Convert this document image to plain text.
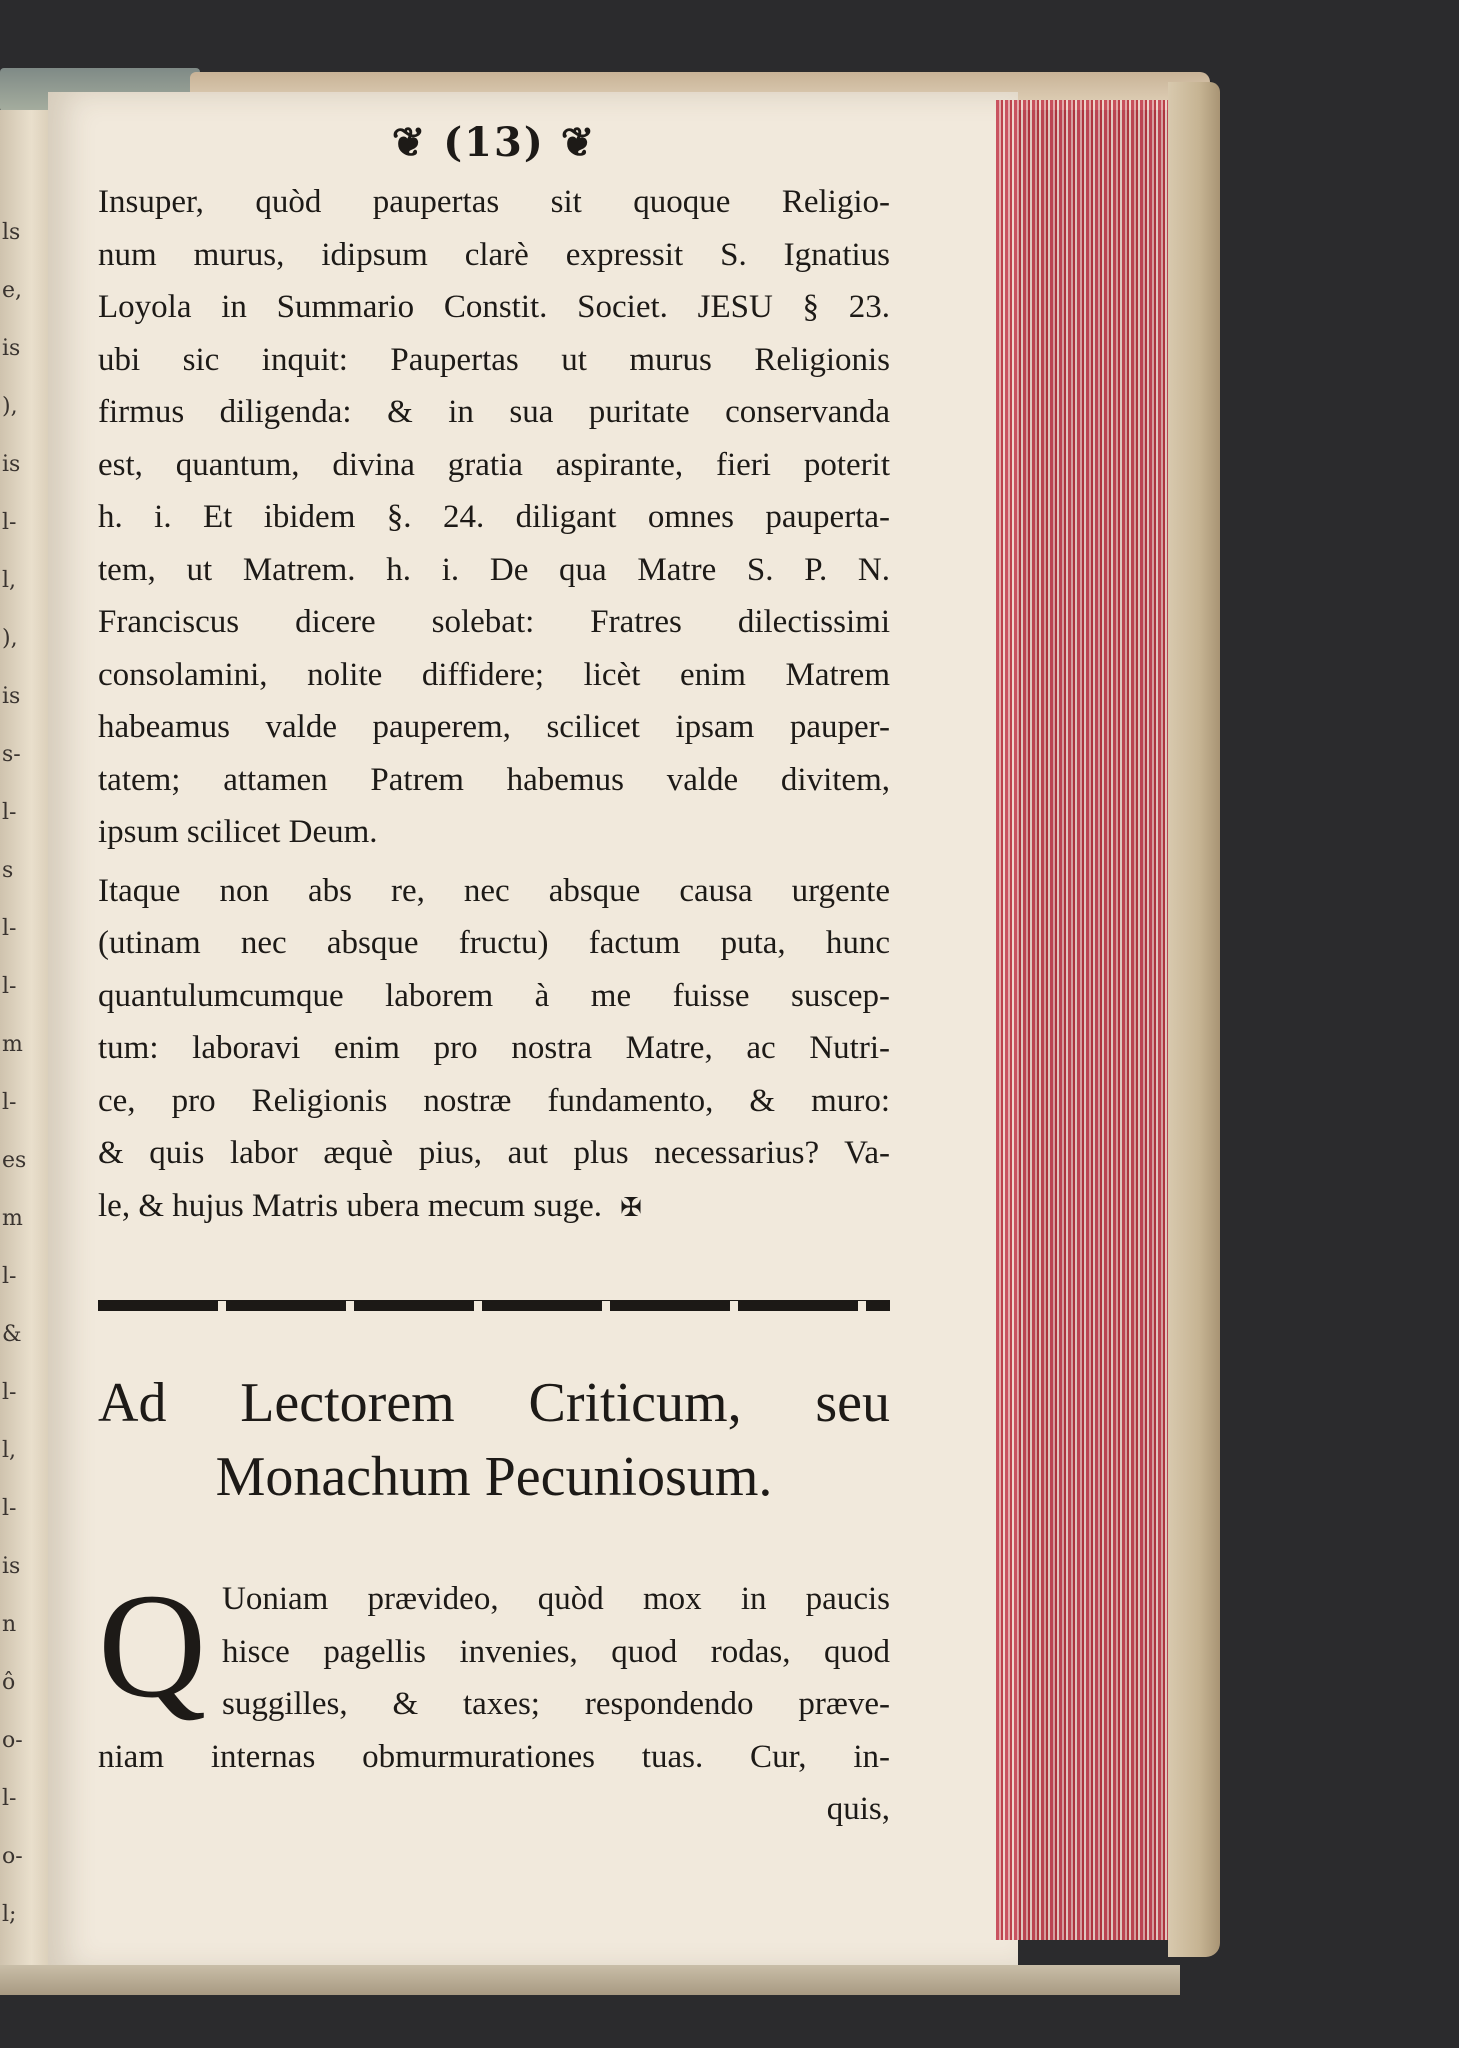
ls
e,
is
),
is
l-
l,
),
is
s-
l-
s
l-
l-
m
l-
es
m
l-
&
l-
l,
l-
is
n
ô
o-
l-
o-
l;
❦ (13) ❦

Insuper, quòd paupertas sit quoque Religio-
num murus, idipsum clarè expressit S. Ignatius
Loyola in Summario Constit. Societ. JESU § 23.
ubi sic inquit: Paupertas ut murus Religionis
firmus diligenda: & in sua puritate conservanda
est, quantum, divina gratia aspirante, fieri poterit
h. i. Et ibidem §. 24. diligant omnes paupertа-
tem, ut Matrem. h. i. De qua Matre S. P. N.
Franciscus dicere solebat: Fratres dilectissimi
consolamini, nolite diffidere; licèt enim Matrem
habeamus valde pauperem, scilicet ipsam pauper-
tatem; attamen Patrem habemus valde divitem,
ipsum scilicet Deum.

Itaque non abs re, nec absque causa urgente
(utinam nec absque fructu) factum puta, hunc
quantulumcumque laborem à me fuisse suscep-
tum: laboravi enim pro nostra Matre, ac Nutri-
ce, pro Religionis nostræ fundamento, & muro:
& quis labor æquè pius, aut plus necessarius? Va-
le, & hujus Matris ubera mecum suge. ✠

Ad Lectorem Criticum, seu
Monachum Pecuniosum.
Q Uoniam prævideo, quòd mox in paucis
hisce pagellis invenies, quod rodas, quod
suggilles, & taxes; respondendo præve-
niam internas obmurmurationes tuas. Cur, in-

quis,
